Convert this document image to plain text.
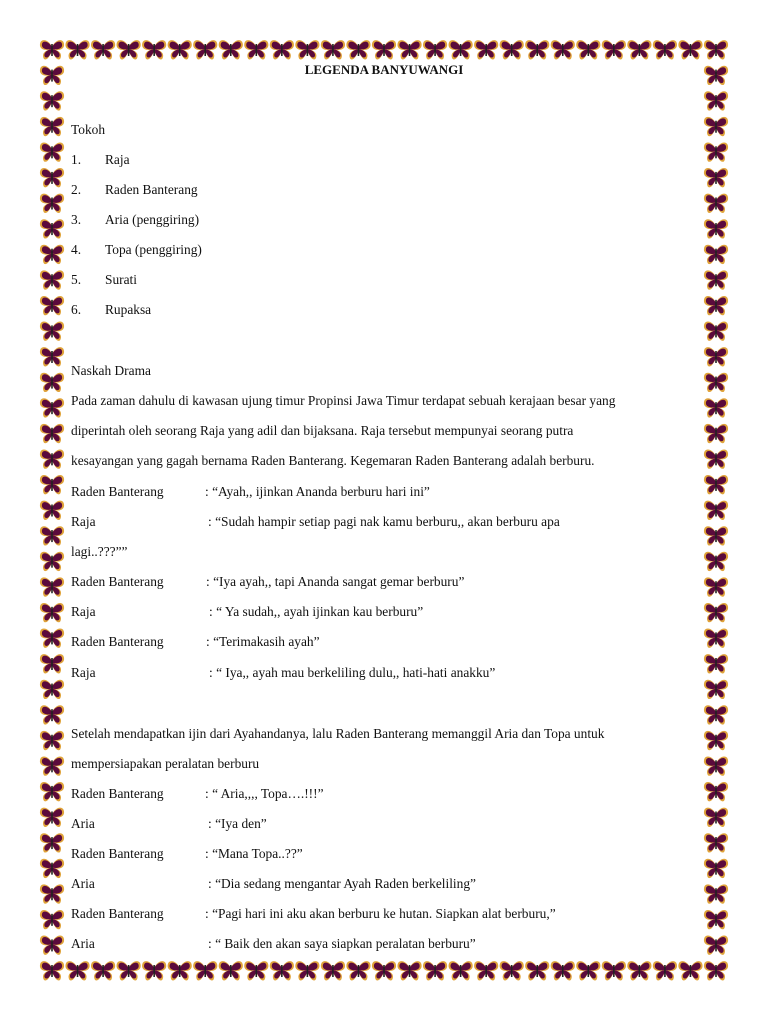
LEGENDA BANYUWANGI
Tokoh
1. Raja
2. Raden Banterang
3. Aria (penggiring)
4. Topa (penggiring)
5. Surati
6. Rupaksa
Naskah Drama
Pada zaman dahulu di kawasan ujung timur Propinsi Jawa Timur terdapat sebuah kerajaan besar yang
diperintah oleh seorang Raja yang adil dan bijaksana. Raja tersebut mempunyai seorang putra
kesayangan yang gagah bernama Raden Banterang. Kegemaran Raden Banterang adalah berburu.
Raden Banterang	: “Ayah,, ijinkan Ananda berburu hari ini”
Raja	: “Sudah hampir setiap pagi nak kamu berburu,, akan berburu apa
lagi..???””
Raden Banterang	: “Iya ayah,, tapi Ananda sangat gemar berburu”
Raja	: “ Ya sudah,, ayah ijinkan kau berburu”
Raden Banterang	: “Terimakasih ayah”
Raja	: “ Iya,, ayah mau berkeliling dulu,, hati-hati anakku”
Setelah mendapatkan ijin dari Ayahandanya, lalu Raden Banterang memanggil Aria dan Topa untuk
mempersiapakan peralatan berburu
Raden Banterang	: “ Aria,,,, Topa….!!!”
Aria	: “Iya den”
Raden Banterang	: “Mana Topa..??”
Aria	: “Dia sedang mengantar Ayah Raden berkeliling”
Raden Banterang	: “Pagi hari ini aku akan berburu ke hutan. Siapkan alat berburu,”
Aria	: “ Baik den akan saya siapkan peralatan berburu”
